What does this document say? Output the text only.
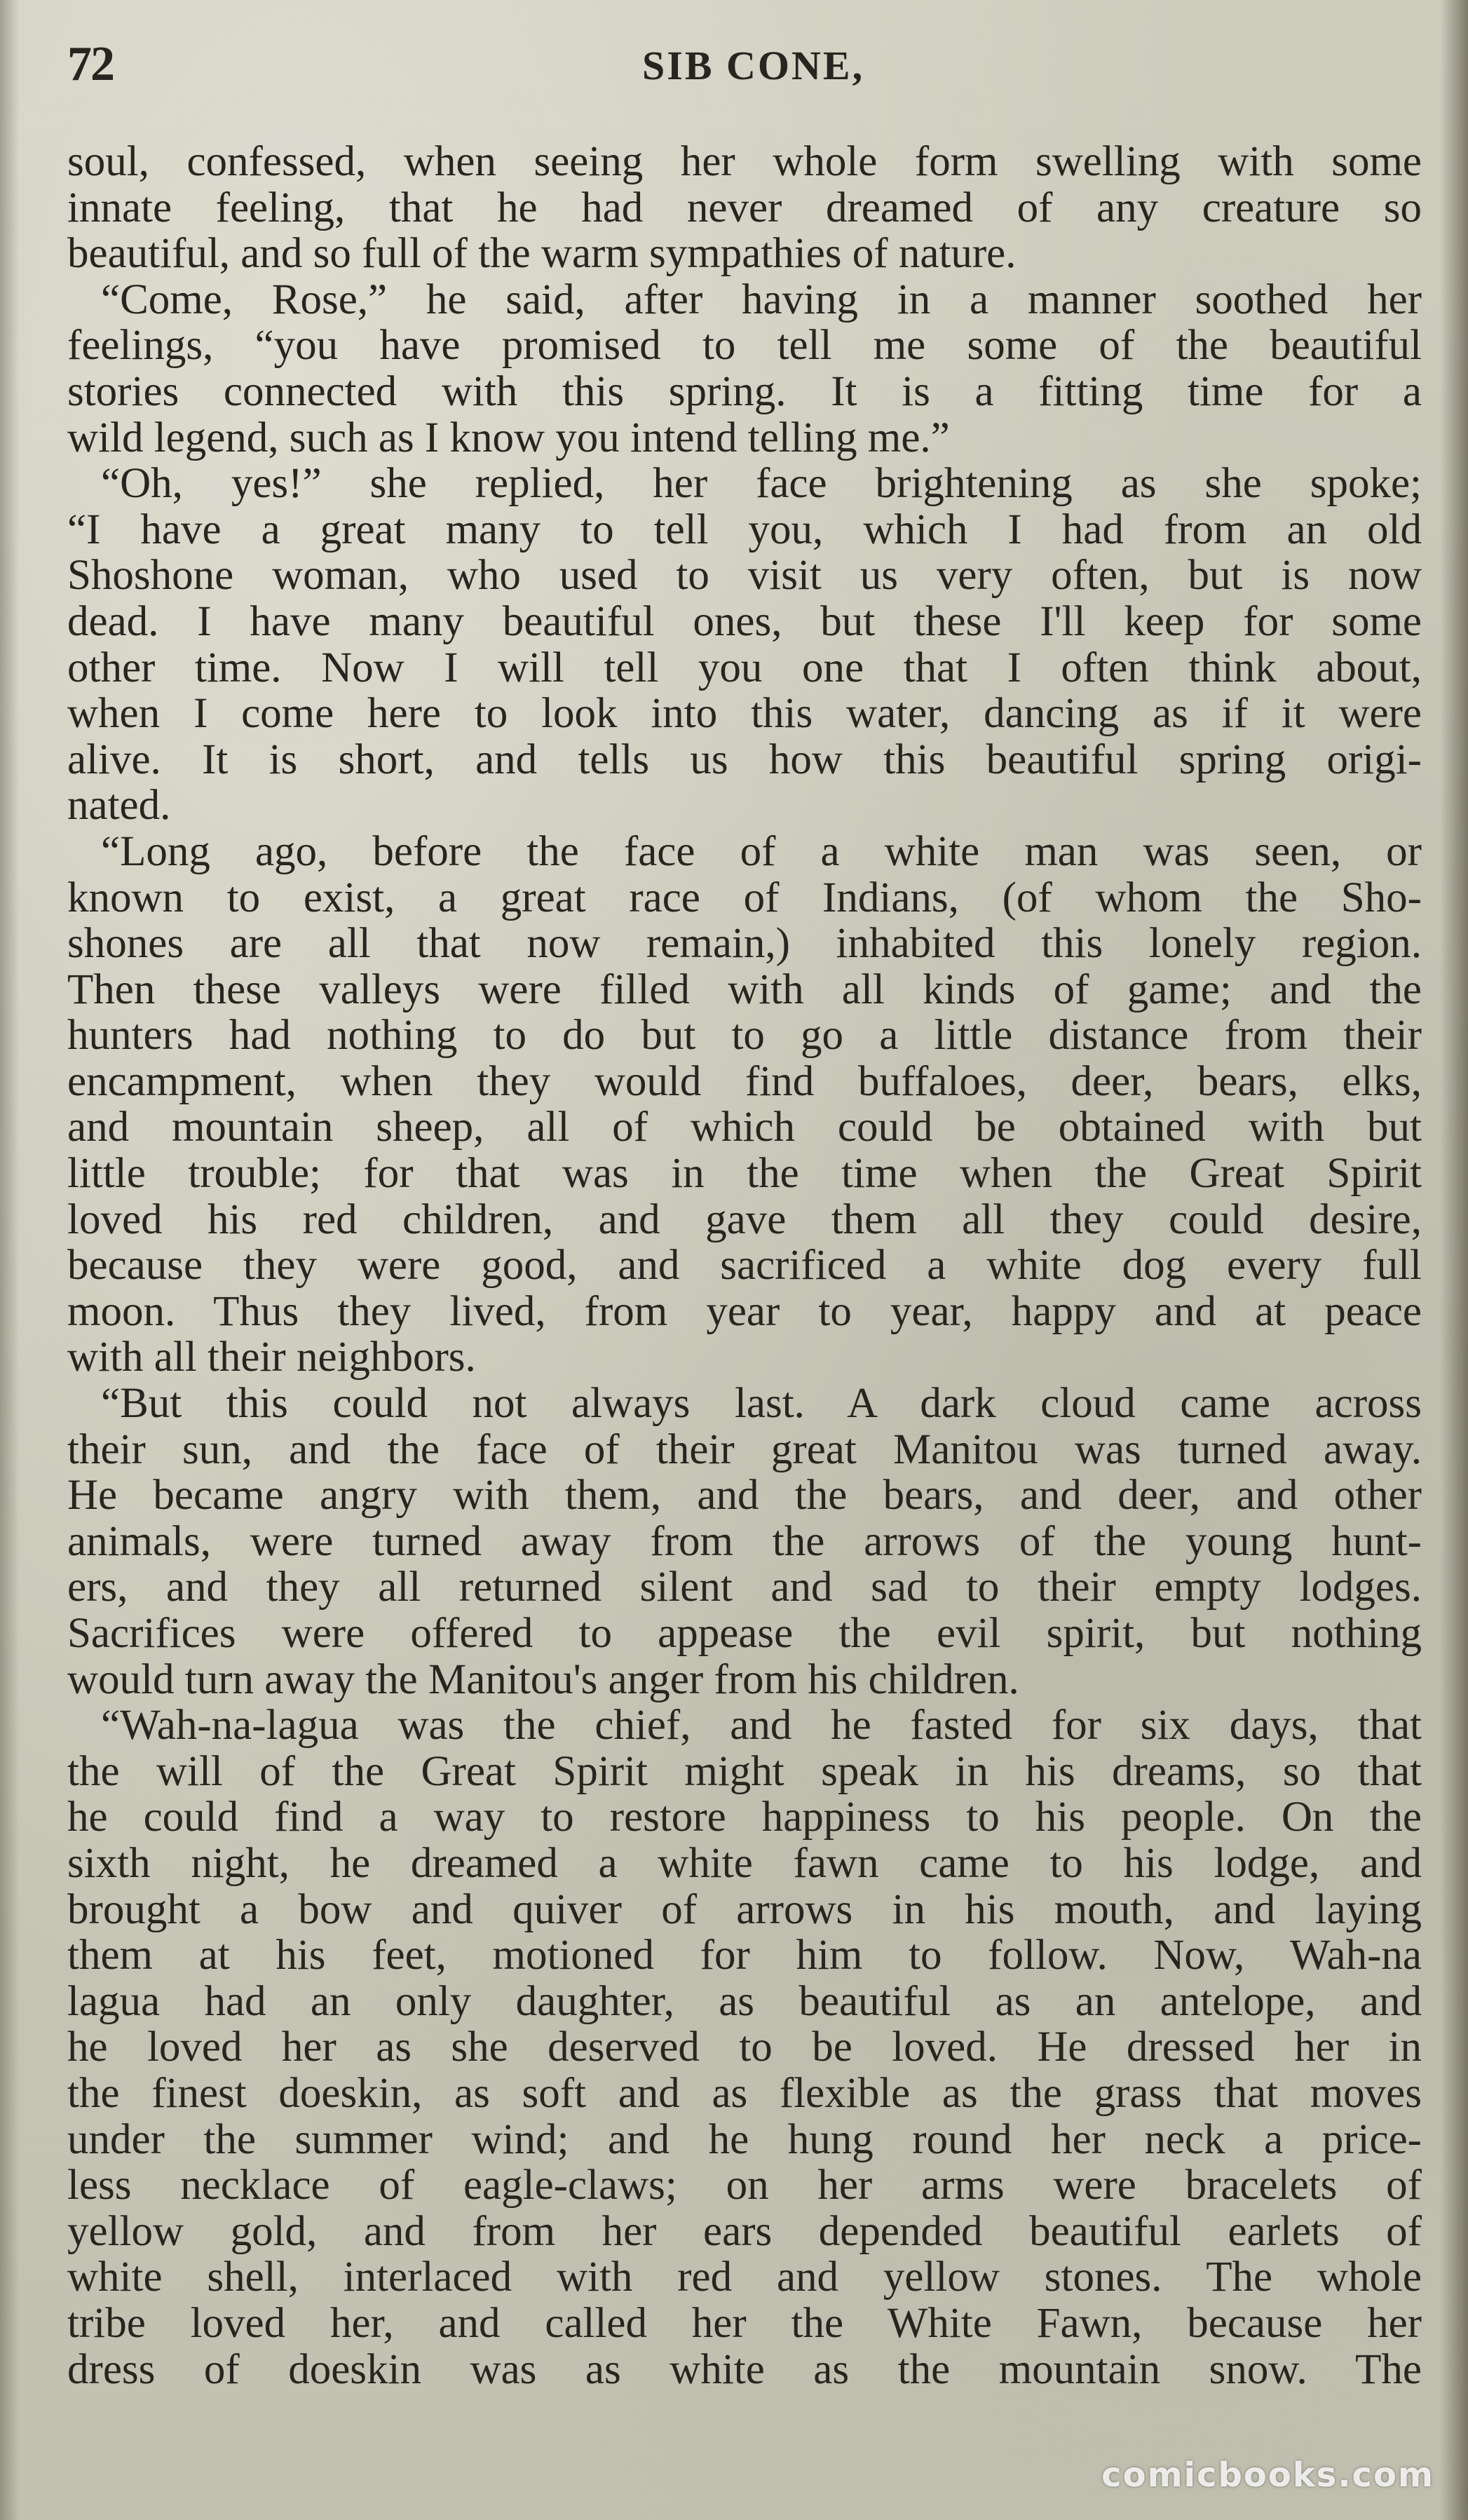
72	SIB CONE,
soul, confessed, when seeing her whole form swelling with some
innate feeling, that he had never dreamed of any creature so
beautiful, and so full of the warm sympathies of nature.
“Come, Rose,” he said, after having in a manner soothed her
feelings, “you have promised to tell me some of the beautiful
stories connected with this spring. It is a fitting time for a
wild legend, such as I know you intend telling me.”
“Oh, yes!” she replied, her face brightening as she spoke;
“I have a great many to tell you, which I had from an old
Shoshone woman, who used to visit us very often, but is now
dead. I have many beautiful ones, but these I'll keep for some
other time. Now I will tell you one that I often think about,
when I come here to look into this water, dancing as if it were
alive. It is short, and tells us how this beautiful spring origi-
nated.
“Long ago, before the face of a white man was seen, or
known to exist, a great race of Indians, (of whom the Sho-
shones are all that now remain,) inhabited this lonely region.
Then these valleys were filled with all kinds of game; and the
hunters had nothing to do but to go a little distance from their
encampment, when they would find buffaloes, deer, bears, elks,
and mountain sheep, all of which could be obtained with but
little trouble; for that was in the time when the Great Spirit
loved his red children, and gave them all they could desire,
because they were good, and sacrificed a white dog every full
moon. Thus they lived, from year to year, happy and at peace
with all their neighbors.
“But this could not always last. A dark cloud came across
their sun, and the face of their great Manitou was turned away.
He became angry with them, and the bears, and deer, and other
animals, were turned away from the arrows of the young hunt-
ers, and they all returned silent and sad to their empty lodges.
Sacrifices were offered to appease the evil spirit, but nothing
would turn away the Manitou's anger from his children.
“Wah-na-lagua was the chief, and he fasted for six days, that
the will of the Great Spirit might speak in his dreams, so that
he could find a way to restore happiness to his people. On the
sixth night, he dreamed a white fawn came to his lodge, and
brought a bow and quiver of arrows in his mouth, and laying
them at his feet, motioned for him to follow. Now, Wah-na
lagua had an only daughter, as beautiful as an antelope, and
he loved her as she deserved to be loved. He dressed her in
the finest doeskin, as soft and as flexible as the grass that moves
under the summer wind; and he hung round her neck a price-
less necklace of eagle-claws; on her arms were bracelets of
yellow gold, and from her ears depended beautiful earlets of
white shell, interlaced with red and yellow stones. The whole
tribe loved her, and called her the White Fawn, because her
dress of doeskin was as white as the mountain snow. The
comicbooks.com
